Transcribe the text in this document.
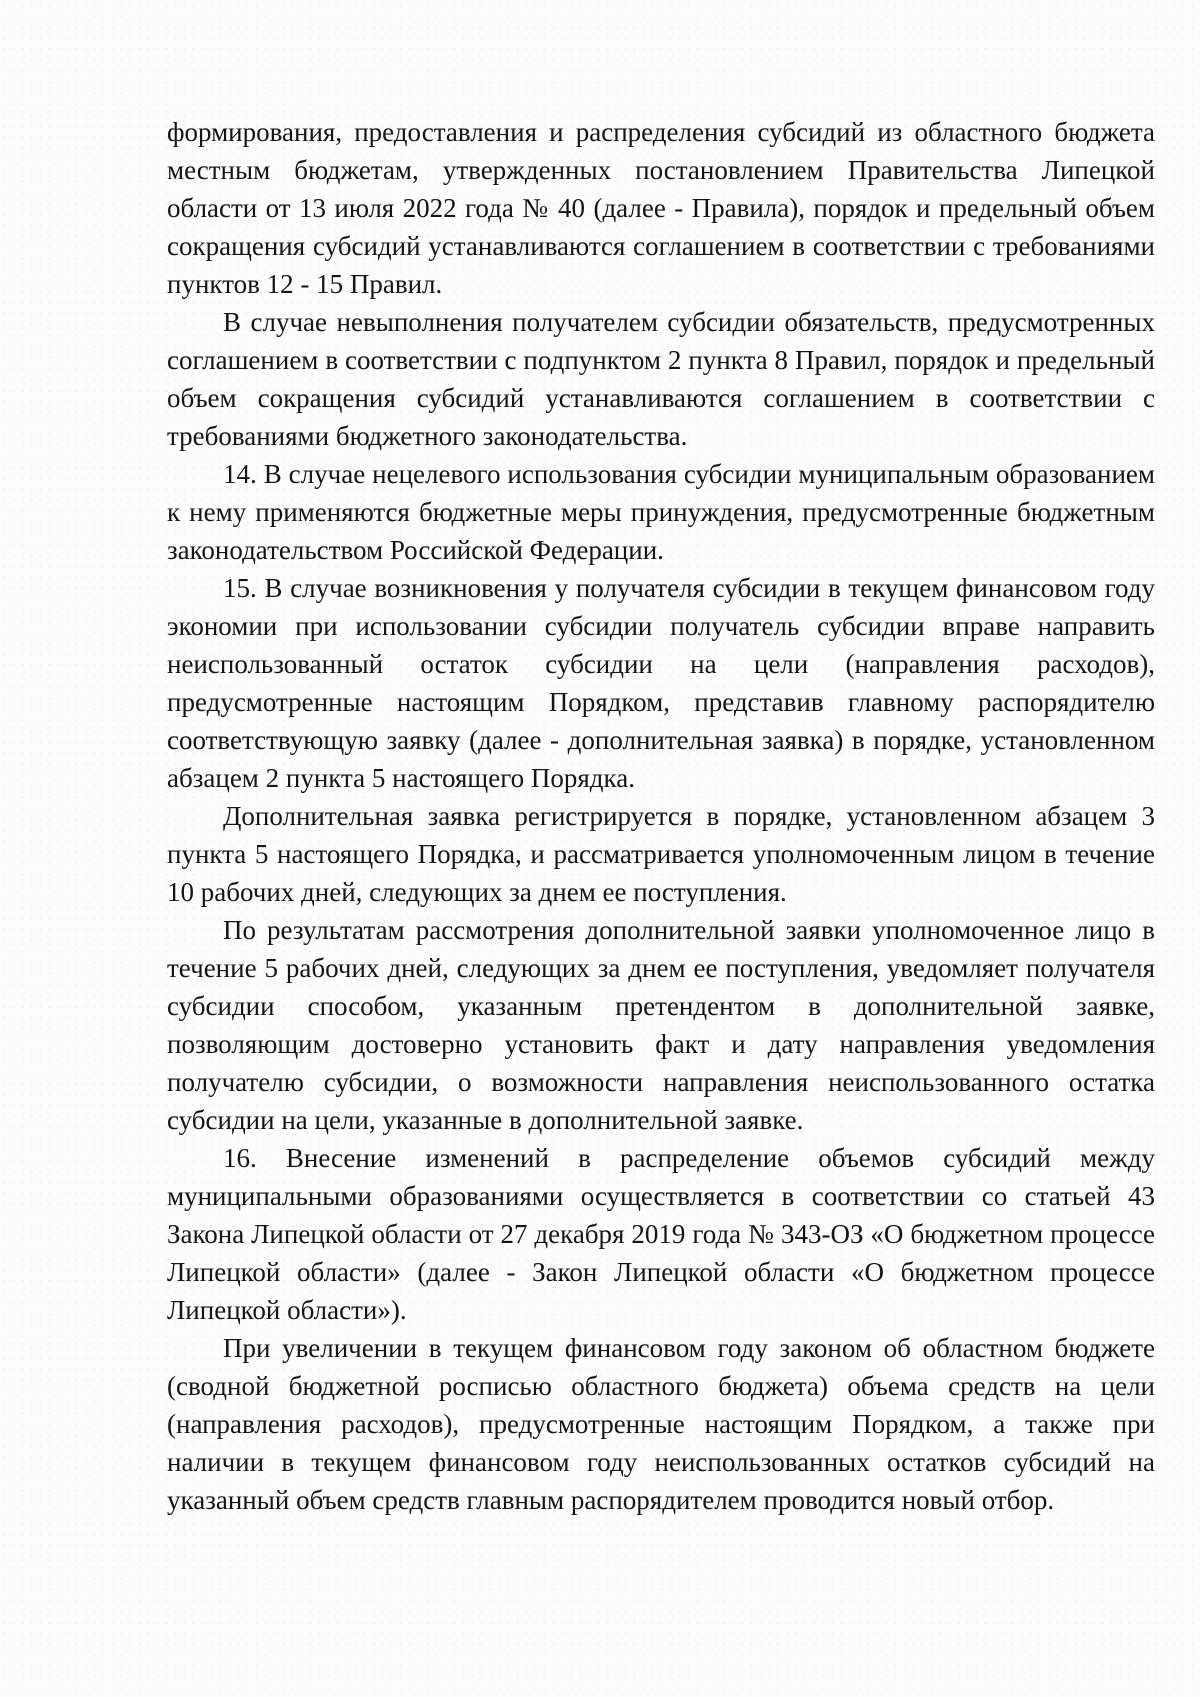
формирования, предоставления и распределения субсидий из областного бюджета местным бюджетам, утвержденных постановлением Правительства Липецкой области от 13 июля 2022 года № 40 (далее - Правила), порядок и предельный объем сокращения субсидий устанавливаются соглашением в соответствии с требованиями пунктов 12 - 15 Правил.

В случае невыполнения получателем субсидии обязательств, предусмотренных соглашением в соответствии с подпунктом 2 пункта 8 Правил, порядок и предельный объем сокращения субсидий устанавливаются соглашением в соответствии с требованиями бюджетного законодательства.

14. В случае нецелевого использования субсидии муниципальным образованием к нему применяются бюджетные меры принуждения, предусмотренные бюджетным законодательством Российской Федерации.

15. В случае возникновения у получателя субсидии в текущем финансовом году экономии при использовании субсидии получатель субсидии вправе направить неиспользованный остаток субсидии на цели (направления расходов), предусмотренные настоящим Порядком, представив главному распорядителю соответствующую заявку (далее - дополнительная заявка) в порядке, установленном абзацем 2 пункта 5 настоящего Порядка.

Дополнительная заявка регистрируется в порядке, установленном абзацем 3 пункта 5 настоящего Порядка, и рассматривается уполномоченным лицом в течение 10 рабочих дней, следующих за днем ее поступления.

По результатам рассмотрения дополнительной заявки уполномоченное лицо в течение 5 рабочих дней, следующих за днем ее поступления, уведомляет получателя субсидии способом, указанным претендентом в дополнительной заявке, позволяющим достоверно установить факт и дату направления уведомления получателю субсидии, о возможности направления неиспользованного остатка субсидии на цели, указанные в дополнительной заявке.

16. Внесение изменений в распределение объемов субсидий между муниципальными образованиями осуществляется в соответствии со статьей 43 Закона Липецкой области от 27 декабря 2019 года № 343-ОЗ «О бюджетном процессе Липецкой области» (далее - Закон Липецкой области «О бюджетном процессе Липецкой области»).

При увеличении в текущем финансовом году законом об областном бюджете (сводной бюджетной росписью областного бюджета) объема средств на цели (направления расходов), предусмотренные настоящим Порядком, а также при наличии в текущем финансовом году неиспользованных остатков субсидий на указанный объем средств главным распорядителем проводится новый отбор.
